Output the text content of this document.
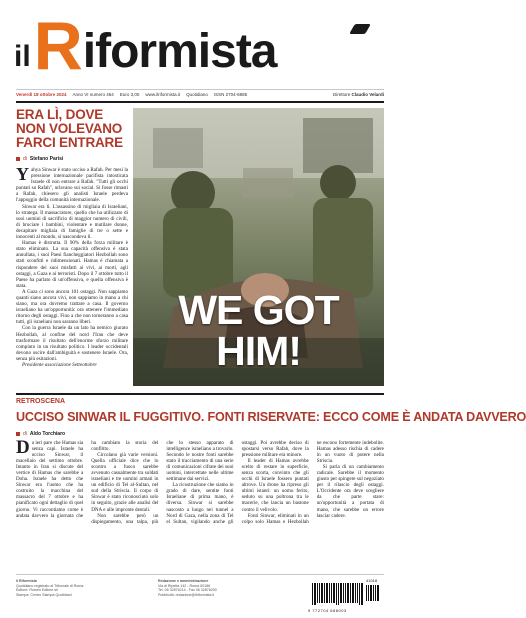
il R iformista
Venerdì 18 ottobre 2024 Anno VI numero 464 Euro 3,00 www.ilriformista.it Quotidiano ISSN 2704-6885	Direttore Claudio Velardi
ERA LÌ, DOVE NON VOLEVANO FARCI ENTRARE
di Stefano Parisi

Yahya Sinwar è stato ucciso a Rafah. Per mesi la pressione internazionale pacifista intosticata Israele di non entrare a Rafah. "Tutti gli occhi puntati su Rafah", urlavano sui social. Si fosse rimasti a Rafah, chiesero gli analisti Israele perdeva l'appoggio della comunità internazionale.

Sinwar era lì. L'assassino di migliaia di Israeliani, lo stratega. Il massacratore, quello che ha utilizzato di suoi uomini di sacrificio di maggior numero di civili, di bruciare i bambini, violentare e mutilare donne, decapitare migliaia di famiglie di tre o sette e innocenti al mondo, si nascondeva lì.

Hamas è distrutta. Il 90% della forza militare è stato eliminato. La sua capacità offensiva è stata annullata, i suoi Paesi fiancheggiatori Hezbollah sono stati sconfitti e ridimensionati. Hamas è chiamata a rispondere dei suoi misfatti ai vivi, ai morti, agli ostaggi, a Gaza e ai terroristi. Dopo il 7 ottobre tutto il Paese ha parlato di un'offensiva, e quella offensiva è stata.

A Gaza ci sono ancora 101 ostaggi. Non sappiamo quanti siano ancora vivi, non sappiamo in mano a chi siano, ma ora dovremo trattare a casa. Il governo israeliano ha un'opportunità: ora ottenere l'immediato ritorno degli ostaggi. Fino a che non torneranno a casa tutti, gli israeliani non saranno liberi.

Con la guerra Israele da un lato ha nemico giurato Hezbollah, al confine del nord l'Iran che deve trasformare il risultato dell'enorme sforzo militare compiuto in un risultato politico. I leader occidentali devono uscire dall'ambiguità e sostenere Israele. Ora, senza più esitazioni.

Presidente associazione Setteottobre

WE GOT HIM!
RETROSCENA
UCCISO SINWAR IL FUGGITIVO. FONTI RISERVATE: ECCO COME È ANDATA DAVVERO
di Aldo Torchiaro

Da ieri pare che Hamas sia senza capi. Israele ha ucciso Sinwar, il macellaio del settimo ottobre. Intanto in Iran si discute del vertice di Hamas che sarebbe a Doha. Israele ha detto che Sinwar era l'uomo che ha costruito la macchina del massacro del 7 ottobre e ha pianificato ogni dettaglio di quel giorno. Vi raccontiamo come è andata davvero la giornata che ha cambiato la storia del conflitto.

Circolano già varie versioni. Quella ufficiale dice che lo scontro a fuoco sarebbe avvenuto casualmente tra soldati israeliani e tre uomini armati in un edificio di Tel al-Sultan, nel sud della Striscia. Il corpo di Sinwar è stato riconosciuto solo in seguito, grazie alle analisi del DNA e alle impronte dentali.

Non sarebbe però un dispiegamento, una talpa, più che lo stesso apparato di intelligence israeliano a trovarlo. Secondo le nostre fonti sarebbe stato il tracciamento di una serie di comunicazioni cifrate dei suoi uomini, intercettate nelle ultime settimane dai servizi.

La ricostruzione che siamo in grado di dare, sentite fonti Israeliane di prima mano, è diversa. Sinwar si sarebbe nascosto a lungo nei tunnel a Nord di Gaza, nella zona di Tel el Sultan, vigilando anche gli ostaggi. Poi avrebbe deciso di spostarsi verso Rafah, dove la pressione militare era minore.

Il leader di Hamas avrebbe scelto di restare in superficie, senza scorta, convinto che gli occhi di Israele fossero puntati altrove. Un drone ha ripreso gli ultimi istanti: un uomo ferito, seduto su una poltrona tra le macerie, che lancia un bastone contro il velivolo.

Fonti Sinwar, eliminati in un colpo solo Hamas e Hezbollah ne escono fortemente indebolite. Hamas adesso rischia di cadere in un vuoto di potere nella Striscia.

Si parla di un cambiamento radicale. Sarebbe il momento giusto per spingere sul negoziato per il rilascio degli ostaggi. L'Occidente ora deve scegliere da che parte stare: un'opportunità a portata di mano, che sarebbe un errore lasciar cadere.

il Riformista
Quotidiano registrato al Tribunale di Roma
Editore: Romeo Editore srl
Stampa: Centro Stampa Quotidiani
Redazione e amministrazione
Via di Ripetta 142 - Roma 00186
Tel. 06 32876214 - Fax 06 32876200
Pubblicità: redazione@ilriformista.it
9 772704 688003
41018
